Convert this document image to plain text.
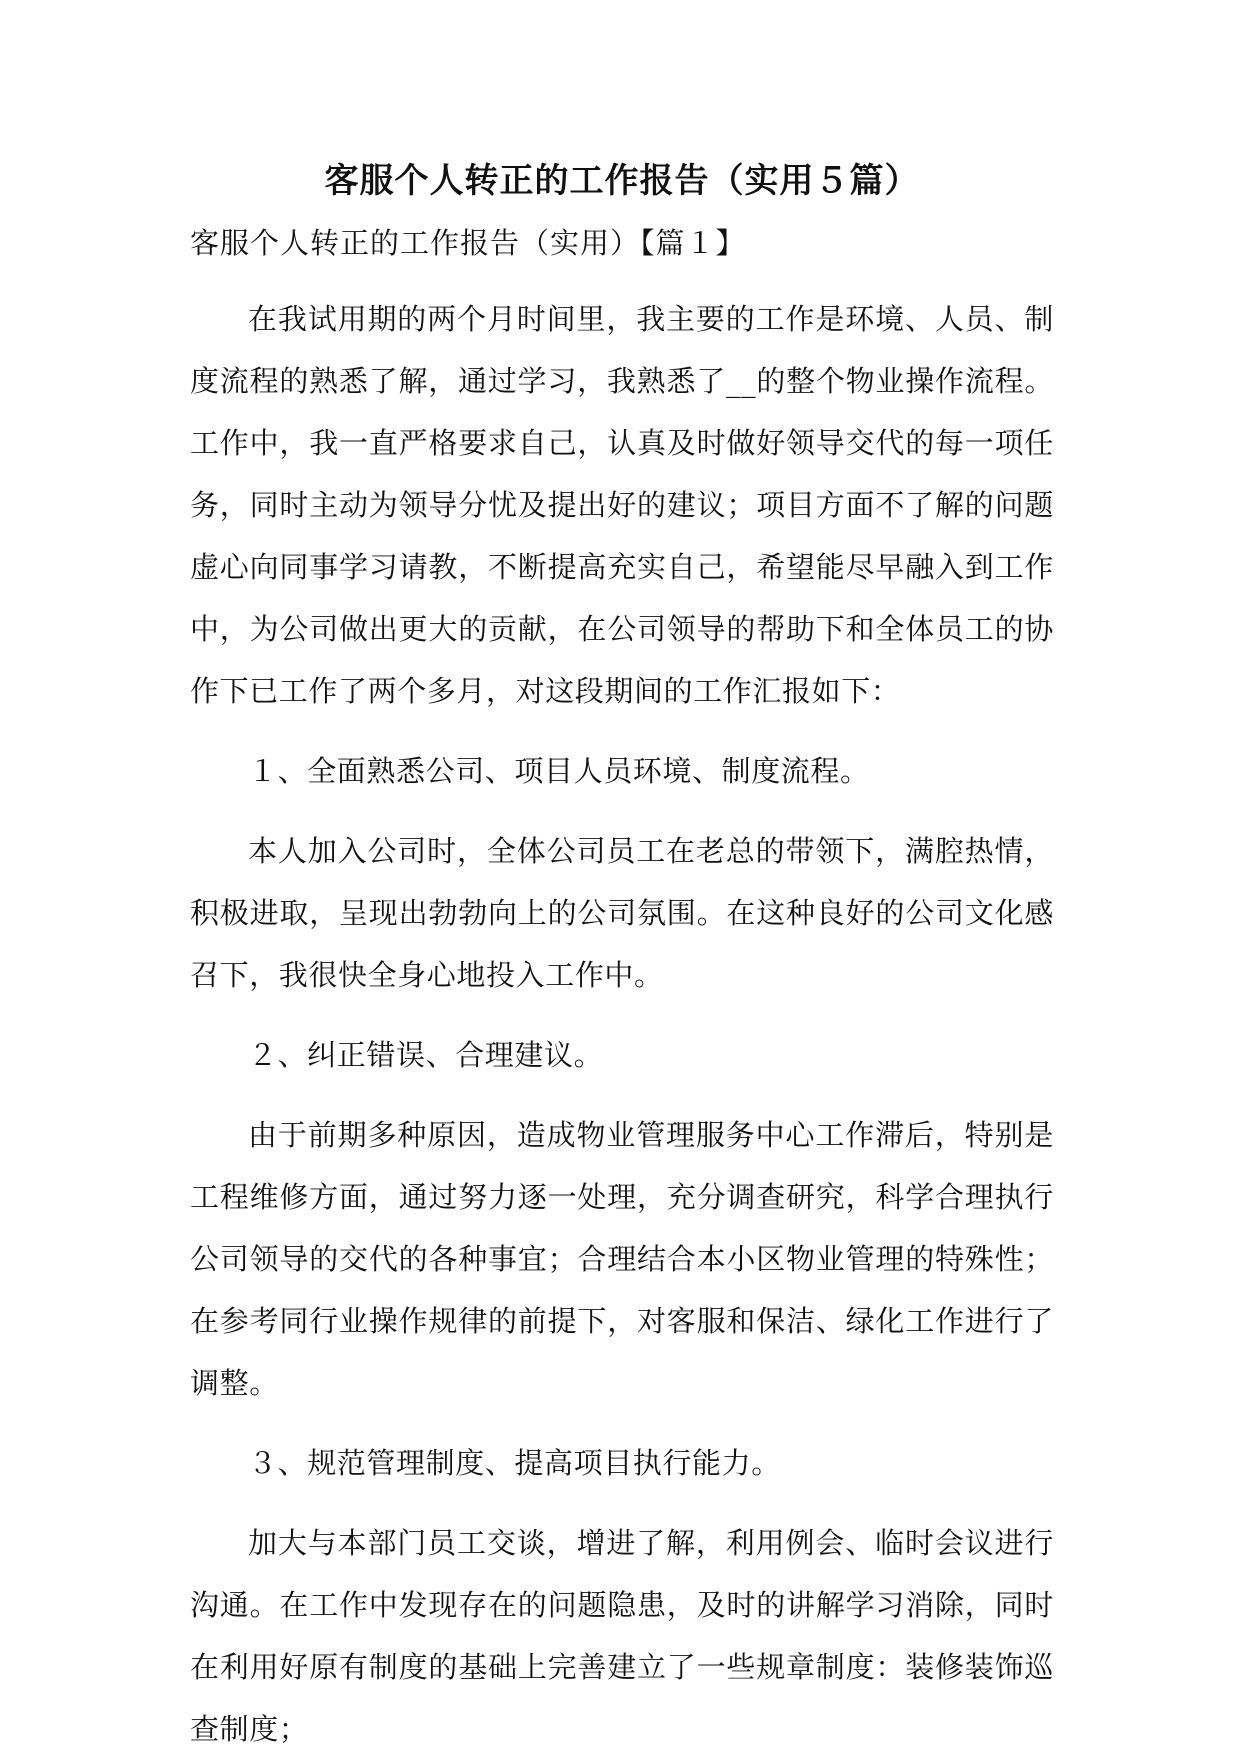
客服个人转正的工作报告（实用５篇）
客服个人转正的工作报告（实用）【篇１】

在我试用期的两个月时间里，我主要的工作是环境、人员、制度流程的熟悉了解，通过学习，我熟悉了__的整个物业操作流程。工作中，我一直严格要求自己，认真及时做好领导交代的每一项任务，同时主动为领导分忧及提出好的建议；项目方面不了解的问题虚心向同事学习请教，不断提高充实自己，希望能尽早融入到工作中，为公司做出更大的贡献，在公司领导的帮助下和全体员工的协作下已工作了两个多月，对这段期间的工作汇报如下：

１、全面熟悉公司、项目人员环境、制度流程。

本人加入公司时，全体公司员工在老总的带领下，满腔热情，积极进取，呈现出勃勃向上的公司氛围。在这种良好的公司文化感召下，我很快全身心地投入工作中。

２、纠正错误、合理建议。

由于前期多种原因，造成物业管理服务中心工作滞后，特别是工程维修方面，通过努力逐一处理，充分调查研究，科学合理执行公司领导的交代的各种事宜；合理结合本小区物业管理的特殊性；在参考同行业操作规律的前提下，对客服和保洁、绿化工作进行了调整。

３、规范管理制度、提高项目执行能力。

加大与本部门员工交谈，增进了解，利用例会、临时会议进行沟通。在工作中发现存在的问题隐患，及时的讲解学习消除，同时在利用好原有制度的基础上完善建立了一些规章制度：装修装饰巡查制度；
